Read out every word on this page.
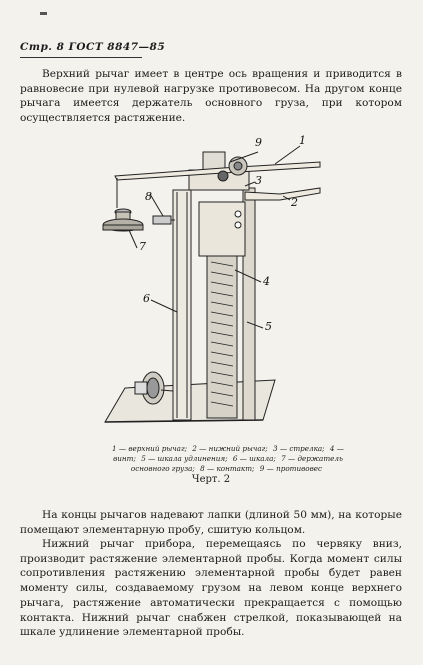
Стр. 8 ГОСТ 8847—85

Верхний рычаг имеет в центре ось вращения и приводится в равновесие при нулевой нагрузке противовесом. На другом конце рычага имеется держатель основного груза, при котором осуществляется растяжение.

9	1
3
2
8
7
4
5
6
1 — верхний рычаг; 2 — нижний рычаг; 3 — стрелка; 4 — винт; 5 — шкала удлинения; 6 — шкала; 7 — держатель основного груза; 8 — контакт; 9 — противовес
Черт. 2

На концы рычагов надевают лапки (длиной 50 мм), на которые помещают элементарную пробу, сшитую кольцом.

Нижний рычаг прибора, перемещаясь по червяку вниз, производит растяжение элементарной пробы. Когда момент силы сопротивления растяжению элементарной пробы будет равен моменту силы, создаваемому грузом на левом конце верхнего рычага, растяжение автоматически прекращается с помощью контакта. Нижний рычаг снабжен стрелкой, показывающей на шкале удлинение элементарной пробы.
